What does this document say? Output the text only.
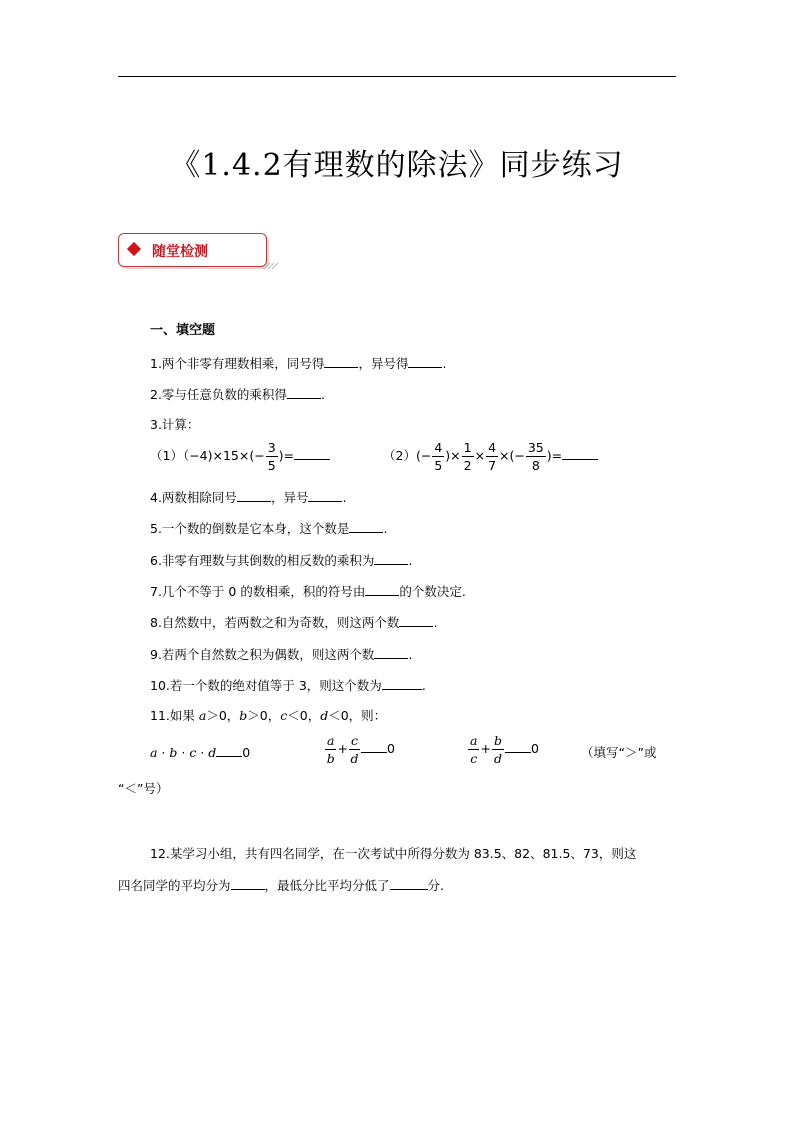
《1.4.2有理数的除法》同步练习
随堂检测
一、填空题
1.两个非零有理数相乘，同号得	，异号得	.
2.零与任意负数的乘积得	.
3.计算：
$(1)(-4)\times 15\times(- \frac{3}{5}$ )=	$(2)(- \frac{4}{5}$ )× $\frac{1}{2} \times \frac{4}{7}$ ×(− $\frac{35}{8}$ )=
4.两数相除同号	，异号	.
5.一个数的倒数是它本身，这个数是	.
6.非零有理数与其倒数的相反数的乘积为	.
7.几个不等于 0 的数相乘，积的符号由	的个数决定.
8.自然数中，若两数之和为奇数，则这两个数	.
9.若两个自然数之积为偶数，则这两个数	.
10.若一个数的绝对值等于 3，则这个数为	.
11.如果 a＞0，b＞0，c＜0，d＜0，则：
a · b · c · d 0	$\frac{a}{b} + \frac{c}{d} 0$	$\frac{a}{c} + \frac{b}{d} 0$	（填写“＞”或
“＜”号）
12.某学习小组，共有四名同学，在一次考试中所得分数为 83.5、82、81.5、73，则这
四名同学的平均分为	，最低分比平均分低了	分.
